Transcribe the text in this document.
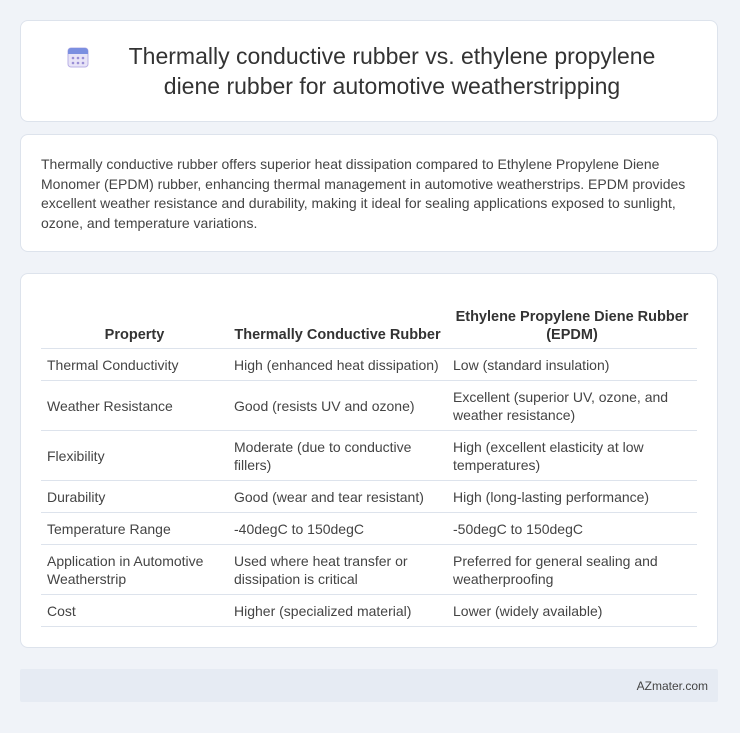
Thermally conductive rubber vs. ethylene propylene diene rubber for automotive weatherstripping

Thermally conductive rubber offers superior heat dissipation compared to Ethylene Propylene Diene Monomer (EPDM) rubber, enhancing thermal management in automotive weatherstrips. EPDM provides excellent weather resistance and durability, making it ideal for sealing applications exposed to sunlight, ozone, and temperature variations.

Property	Thermally Conductive Rubber	Ethylene Propylene Diene Rubber (EPDM)
Thermal Conductivity	High (enhanced heat dissipation)	Low (standard insulation)
Weather Resistance	Good (resists UV and ozone)	Excellent (superior UV, ozone, and weather resistance)
Flexibility	Moderate (due to conductive fillers)	High (excellent elasticity at low temperatures)
Durability	Good (wear and tear resistant)	High (long-lasting performance)
Temperature Range	-40degC to 150degC	-50degC to 150degC
Application in Automotive Weatherstrip	Used where heat transfer or dissipation is critical	Preferred for general sealing and weatherproofing
Cost	Higher (specialized material)	Lower (widely available)
AZmater.com
